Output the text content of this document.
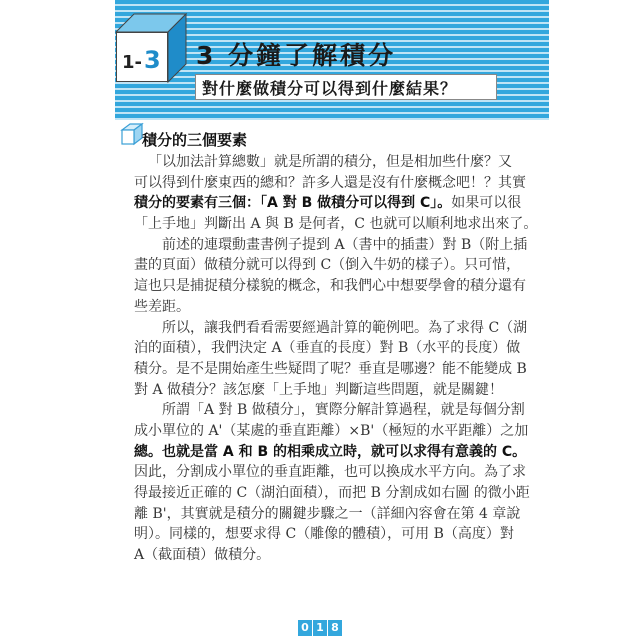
1-3 3 分鐘了解積分
對什麼做積分可以得到什麼結果？
積分的三個要素
「以加法計算總數」就是所謂的積分，但是相加些什麼？又
可以得到什麼東西的總和？許多人還是沒有什麼概念吧！？其實
積分的要素有三個：「A 對 B 做積分可以得到 C」。如果可以很
「上手地」判斷出 A 與 B 是何者，C 也就可以順利地求出來了。
前述的連環動畫書例子提到 A（書中的插畫）對 B（附上插
畫的頁面）做積分就可以得到 C（倒入牛奶的樣子）。只可惜，
這也只是捕捉積分樣貌的概念，和我們心中想要學會的積分還有
些差距。
所以，讓我們看看需要經過計算的範例吧。為了求得 C（湖
泊的面積），我們決定 A（垂直的長度）對 B（水平的長度）做
積分。是不是開始產生些疑問了呢？垂直是哪邊？能不能變成 B
對 A 做積分？該怎麼「上手地」判斷這些問題，就是關鍵！
所謂「A 對 B 做積分」，實際分解計算過程，就是每個分割
成小單位的 A'（某處的垂直距離）×B'（極短的水平距離）之加
總。也就是當 A 和 B 的相乘成立時，就可以求得有意義的 C。
因此，分割成小單位的垂直距離，也可以換成水平方向。為了求
得最接近正確的 C（湖泊面積），而把 B 分割成如右圖 的微小距
離 B'，其實就是積分的關鍵步驟之一（詳細內容會在第 4 章說
明）。同樣的，想要求得 C（雕像的體積），可用 B（高度）對
A（截面積）做積分。
0 1 8
